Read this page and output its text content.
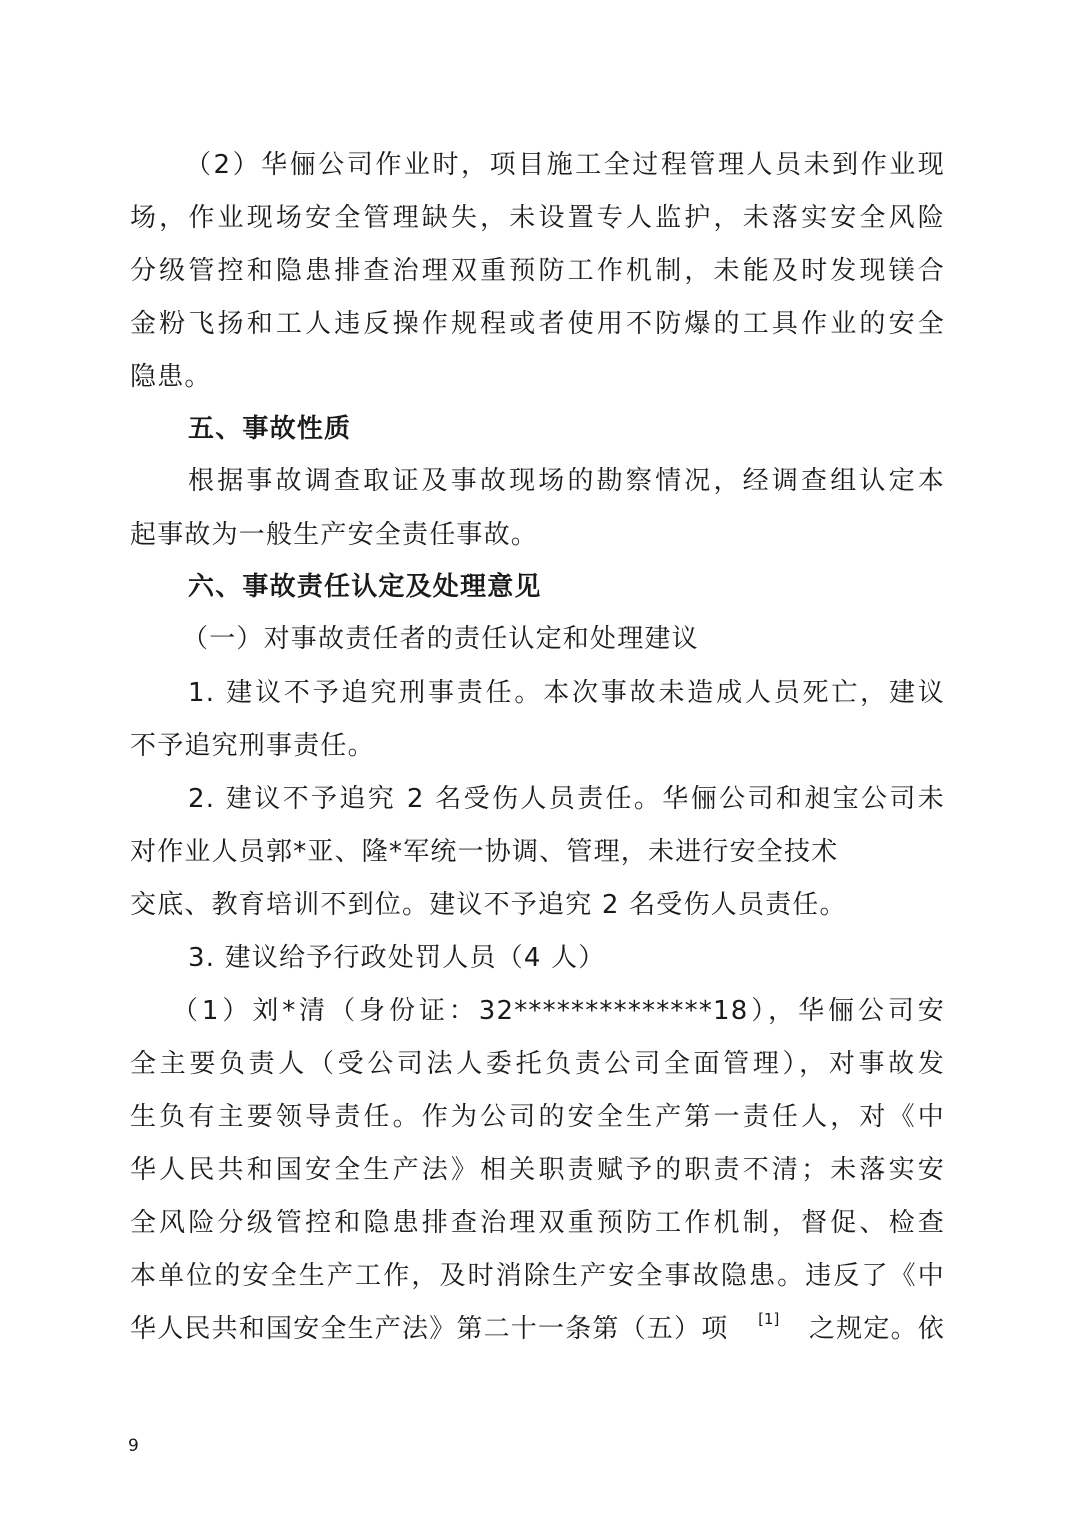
（2）华俪公司作业时，项目施工全过程管理人员未到作业现
场，作业现场安全管理缺失，未设置专人监护，未落实安全风险
分级管控和隐患排查治理双重预防工作机制，未能及时发现镁合
金粉飞扬和工人违反操作规程或者使用不防爆的工具作业的安全
隐患。
五、事故性质
根据事故调查取证及事故现场的勘察情况，经调查组认定本
起事故为一般生产安全责任事故。
六、事故责任认定及处理意见
（一）对事故责任者的责任认定和处理建议
1. 建议不予追究刑事责任。本次事故未造成人员死亡，建议
不予追究刑事责任。
2. 建议不予追究 2 名受伤人员责任。华俪公司和昶宝公司未
对作业人员郭*亚、隆*军统一协调、管理，未进行安全技术
交底、教育培训不到位。建议不予追究 2 名受伤人员责任。
3. 建议给予行政处罚人员（4 人）
（1）刘*清（身份证：32**************18），华俪公司安
全主要负责人（受公司法人委托负责公司全面管理），对事故发
生负有主要领导责任。作为公司的安全生产第一责任人，对《中
华人民共和国安全生产法》相关职责赋予的职责不清；未落实安
全风险分级管控和隐患排查治理双重预防工作机制，督促、检查
本单位的安全生产工作，及时消除生产安全事故隐患。违反了《中
华人民共和国安全生产法》第二十一条第（五）项 [1] 之规定。依
9
